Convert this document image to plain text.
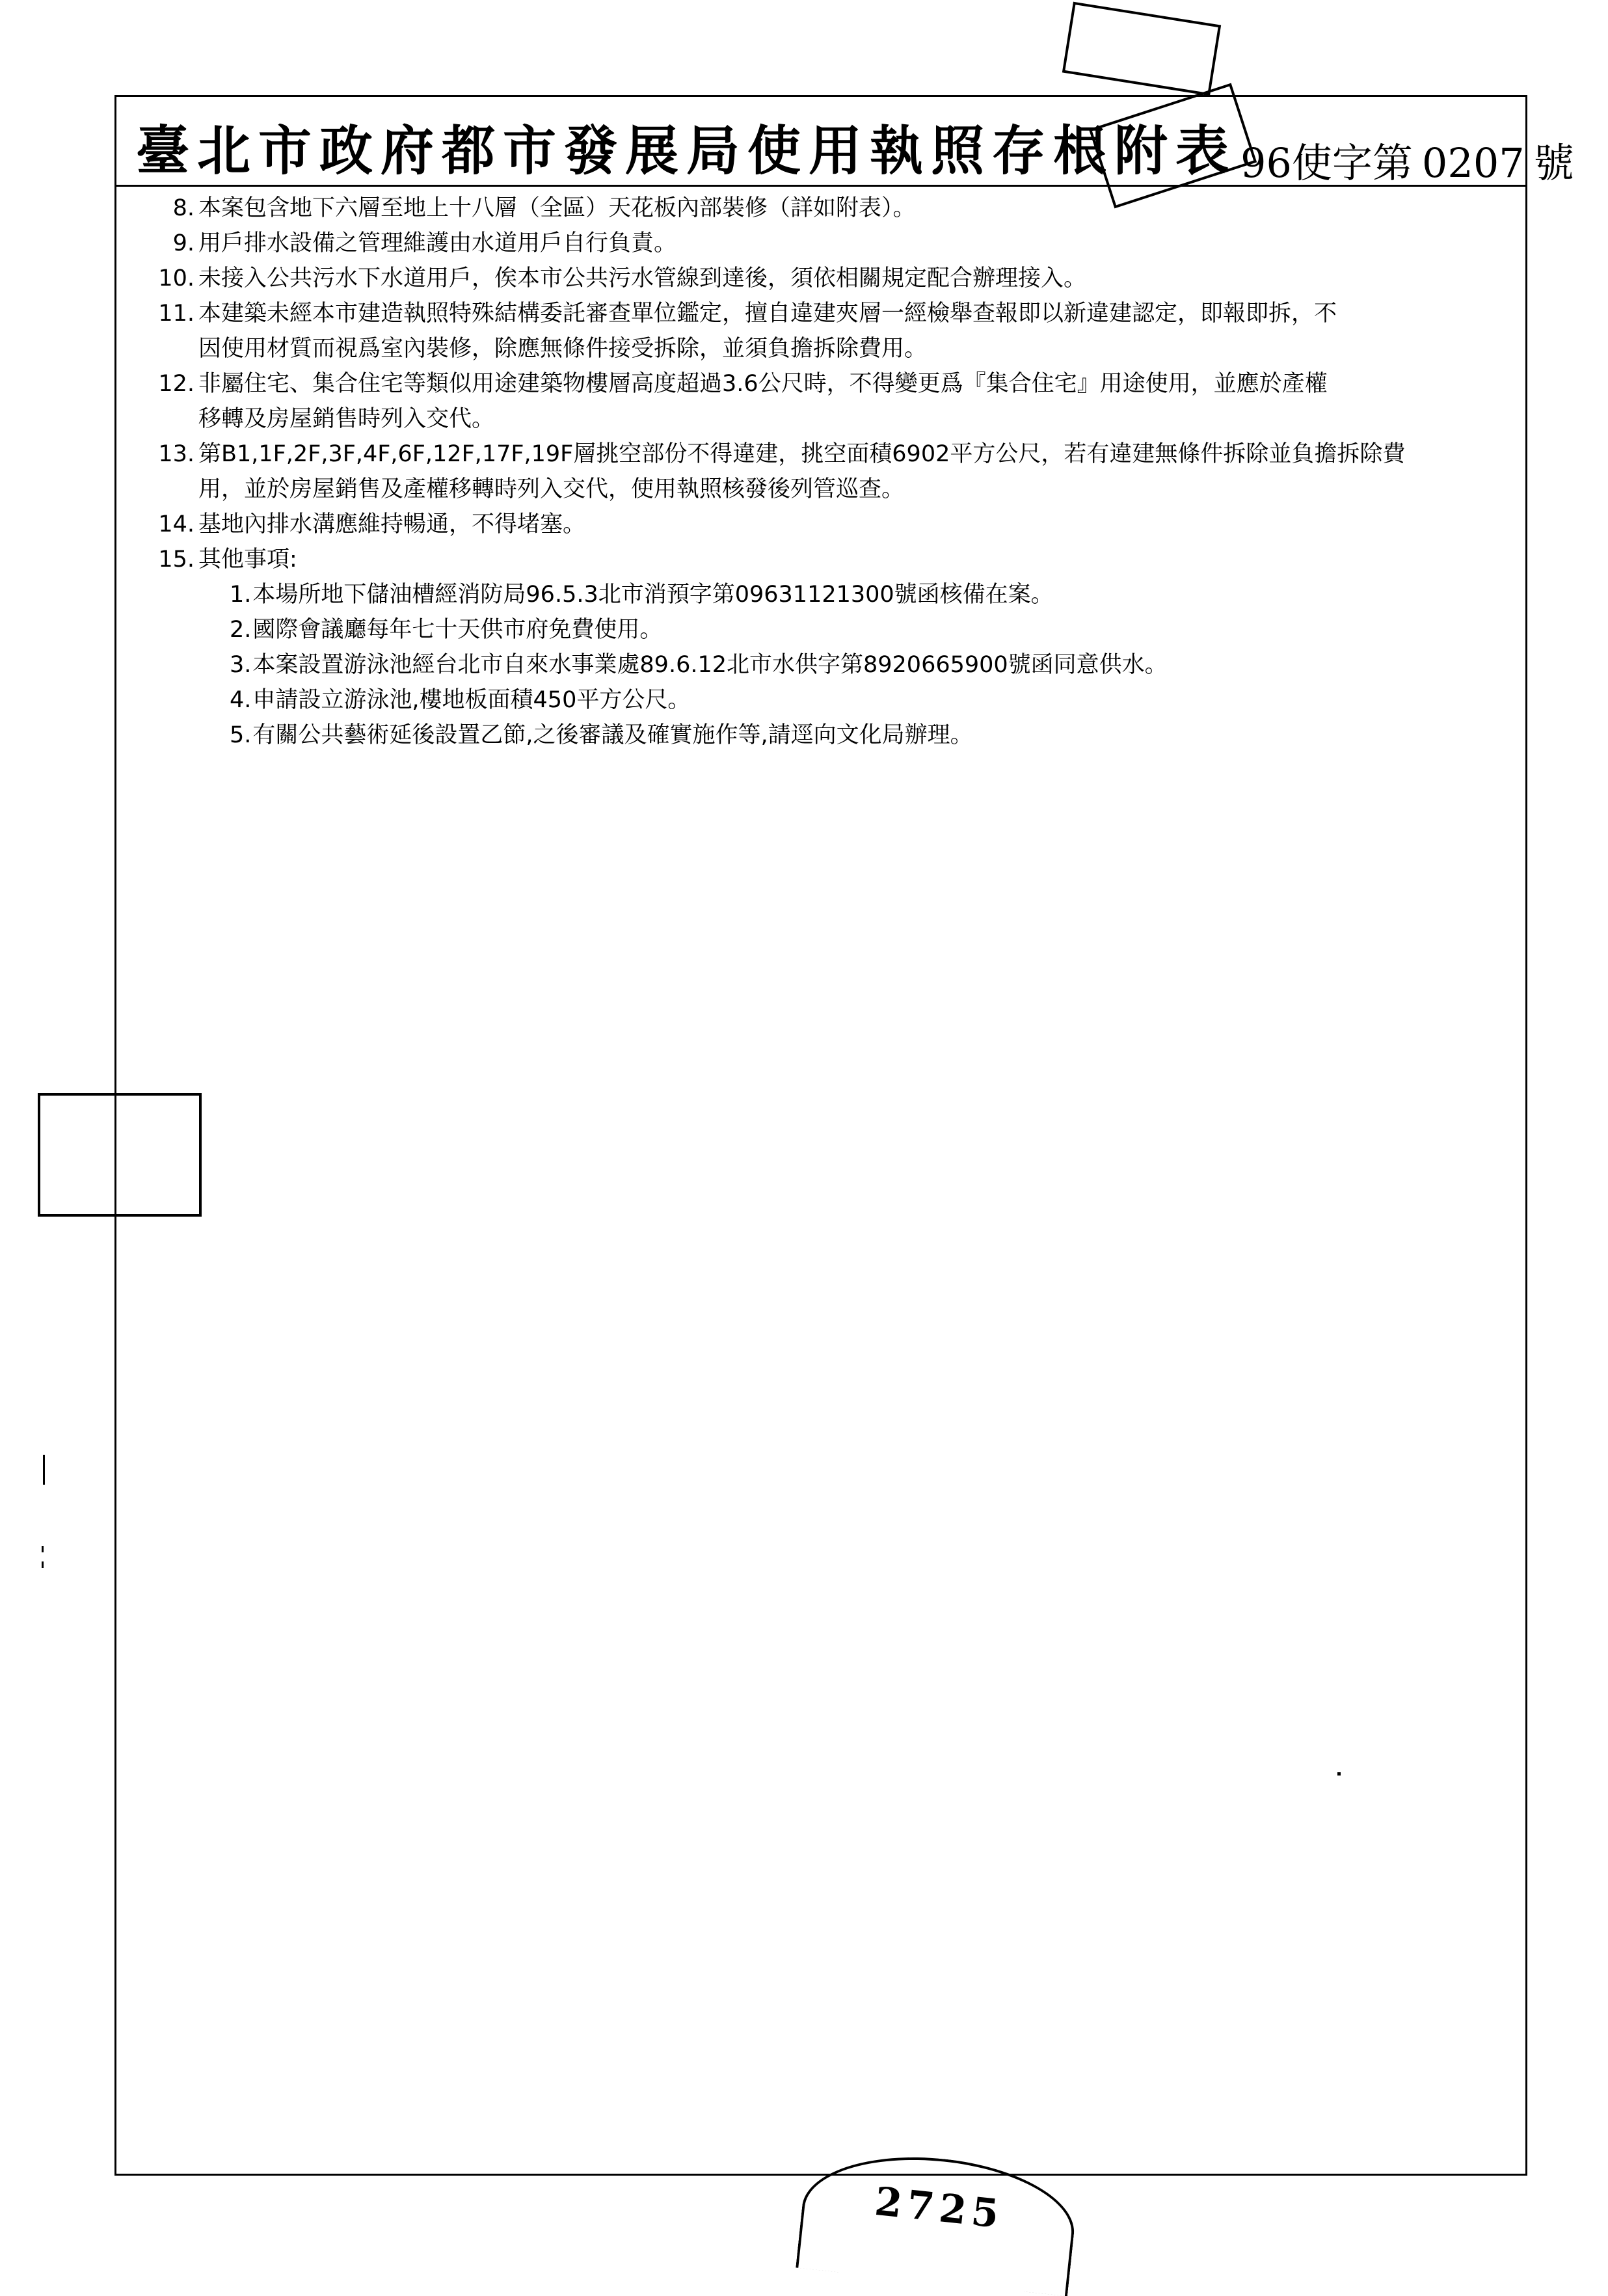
臺北市政府都市發展局使用執照存根附表 96使字第 0207 號
8. 本案包含地下六層至地上十八層（全區）天花板內部裝修（詳如附表）。
9. 用戶排水設備之管理維護由水道用戶自行負責。
10. 未接入公共污水下水道用戶，俟本市公共污水管線到達後，須依相關規定配合辦理接入。
11. 本建築未經本市建造執照特殊結構委託審查單位鑑定，擅自違建夾層一經檢舉查報即以新違建認定，即報即拆，不
因使用材質而視爲室內裝修，除應無條件接受拆除，並須負擔拆除費用。
12. 非屬住宅、集合住宅等類似用途建築物樓層高度超過3.6公尺時，不得變更爲『集合住宅』用途使用，並應於產權
移轉及房屋銷售時列入交代。
13. 第B1,1F,2F,3F,4F,6F,12F,17F,19F層挑空部份不得違建，挑空面積6902平方公尺，若有違建無條件拆除並負擔拆除費
用，並於房屋銷售及產權移轉時列入交代，使用執照核發後列管巡查。
14. 基地內排水溝應維持暢通，不得堵塞。
15. 其他事項:
1.本場所地下儲油槽經消防局96.5.3北市消預字第09631121300號函核備在案。
2.國際會議廳每年七十天供市府免費使用。
3.本案設置游泳池經台北市自來水事業處89.6.12北市水供字第8920665900號函同意供水。
4.申請設立游泳池,樓地板面積450平方公尺。
5.有關公共藝術延後設置乙節,之後審議及確實施作等,請逕向文化局辦理。
2725
